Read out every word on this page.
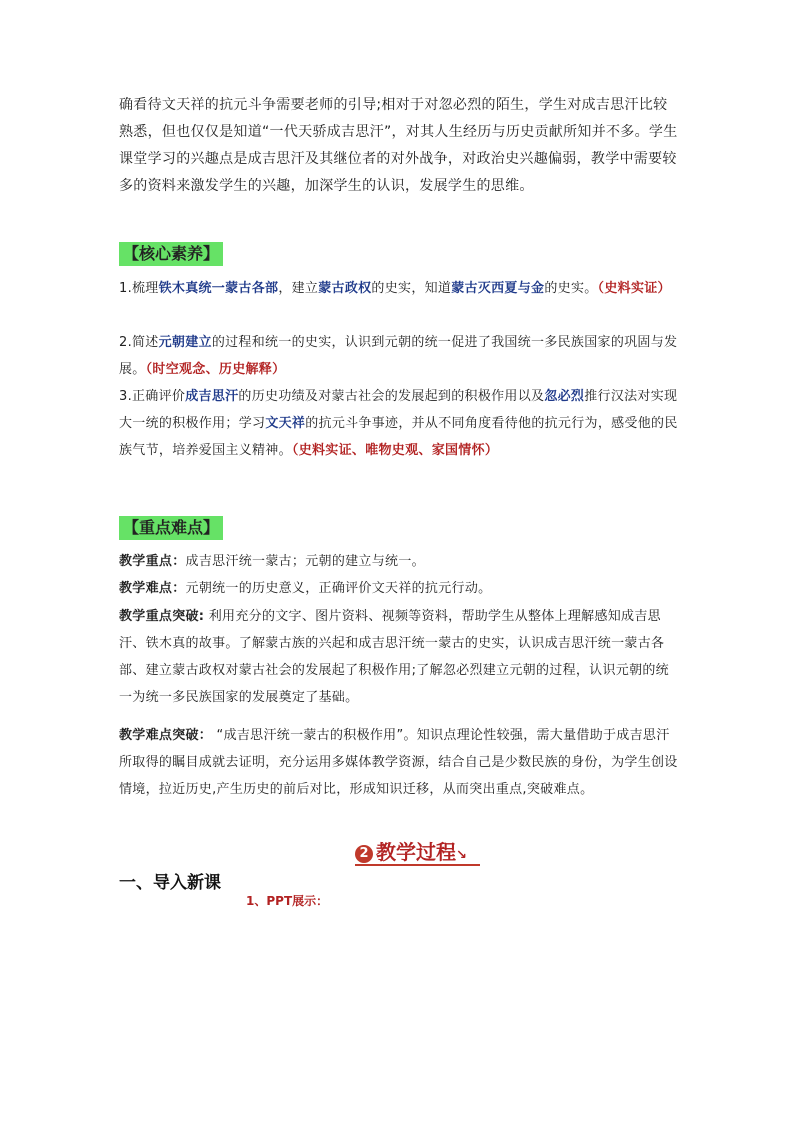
确看待文天祥的抗元斗争需要老师的引导;相对于对忽必烈的陌生，学生对成吉思汗比较熟悉，但也仅仅是知道“一代天骄成吉思汗”，对其人生经历与历史贡献所知并不多。学生课堂学习的兴趣点是成吉思汗及其继位者的对外战争，对政治史兴趣偏弱，教学中需要较多的资料来激发学生的兴趣，加深学生的认识，发展学生的思维。
【核心素养】
1.梳理铁木真统一蒙古各部，建立蒙古政权的史实，知道蒙古灭西夏与金的史实。（史料实证）
2.简述元朝建立的过程和统一的史实，认识到元朝的统一促进了我国统一多民族国家的巩固与发展。（时空观念、历史解释）
3.正确评价成吉思汗的历史功绩及对蒙古社会的发展起到的积极作用以及忽必烈推行汉法对实现大一统的积极作用；学习文天祥的抗元斗争事迹，并从不同角度看待他的抗元行为，感受他的民族气节，培养爱国主义精神。（史料实证、唯物史观、家国情怀）
【重点难点】
教学重点：成吉思汗统一蒙古；元朝的建立与统一。
教学难点：元朝统一的历史意义，正确评价文天祥的抗元行动。
教学重点突破: 利用充分的文字、图片资料、视频等资料，帮助学生从整体上理解感知成吉思汗、铁木真的故事。了解蒙古族的兴起和成吉思汗统一蒙古的史实，认识成吉思汗统一蒙古各部、建立蒙古政权对蒙古社会的发展起了积极作用;了解忽必烈建立元朝的过程，认识元朝的统一为统一多民族国家的发展奠定了基础。
教学难点突破： “成吉思汗统一蒙古的积极作用”。知识点理论性较强，需大量借助于成吉思汗所取得的瞩目成就去证明，充分运用多媒体教学资源，结合自己是少数民族的身份，为学生创设情境，拉近历史,产生历史的前后对比，形成知识迁移，从而突出重点,突破难点。
2 教学过程↘
一、导入新课
1、PPT展示：
